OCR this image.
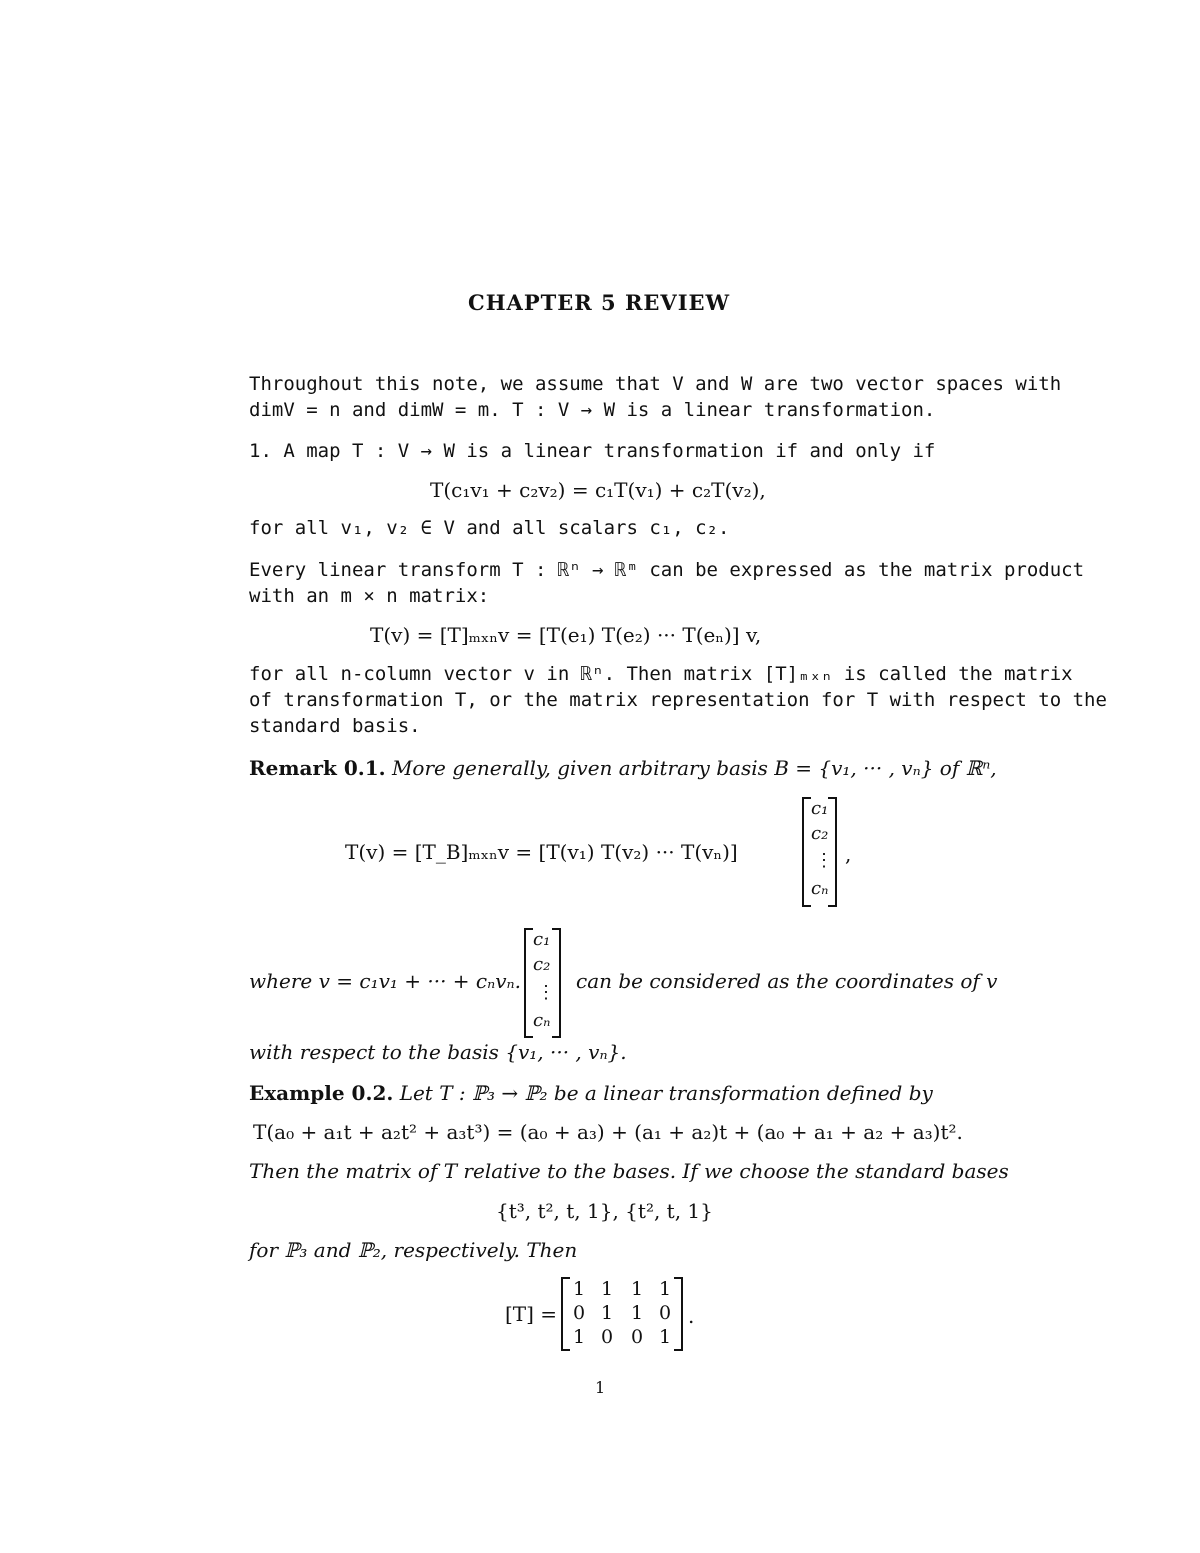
CHAPTER 5 REVIEW
Throughout this note, we assume that V and W are two vector spaces with
dimV = n and dimW = m. T : V → W is a linear transformation.
1. A map T : V → W is a linear transformation if and only if
T(c₁v₁ + c₂v₂) = c₁T(v₁) + c₂T(v₂),
for all v₁, v₂ ∈ V and all scalars c₁, c₂.
Every linear transform T : ℝⁿ → ℝᵐ can be expressed as the matrix product
with an m × n matrix:
T(v) = [T]ₘₓₙv = [T(e₁) T(e₂) ··· T(eₙ)] v,
for all n-column vector v in ℝⁿ. Then matrix [T]ₘₓₙ is called the matrix
of transformation T, or the matrix representation for T with respect to the
standard basis.
Remark 0.1. More generally, given arbitrary basis B = {v₁, ··· , vₙ} of ℝⁿ,
T(v) = [T_B]ₘₓₙv = [T(v₁) T(v₂) ··· T(vₙ)]
c₁
c₂
⋮
cₙ
,
where v = c₁v₁ + ··· + cₙvₙ.
c₁
c₂
⋮
cₙ
can be considered as the coordinates of v
with respect to the basis {v₁, ··· , vₙ}.
Example 0.2. Let T : ℙ₃ → ℙ₂ be a linear transformation defined by
T(a₀ + a₁t + a₂t² + a₃t³) = (a₀ + a₃) + (a₁ + a₂)t + (a₀ + a₁ + a₂ + a₃)t².
Then the matrix of T relative to the bases. If we choose the standard bases
{t³, t², t, 1}, {t², t, 1}
for ℙ₃ and ℙ₂, respectively. Then
[T] =
1 1 1 1
0 1 1 0
1 0 0 1
.
1
